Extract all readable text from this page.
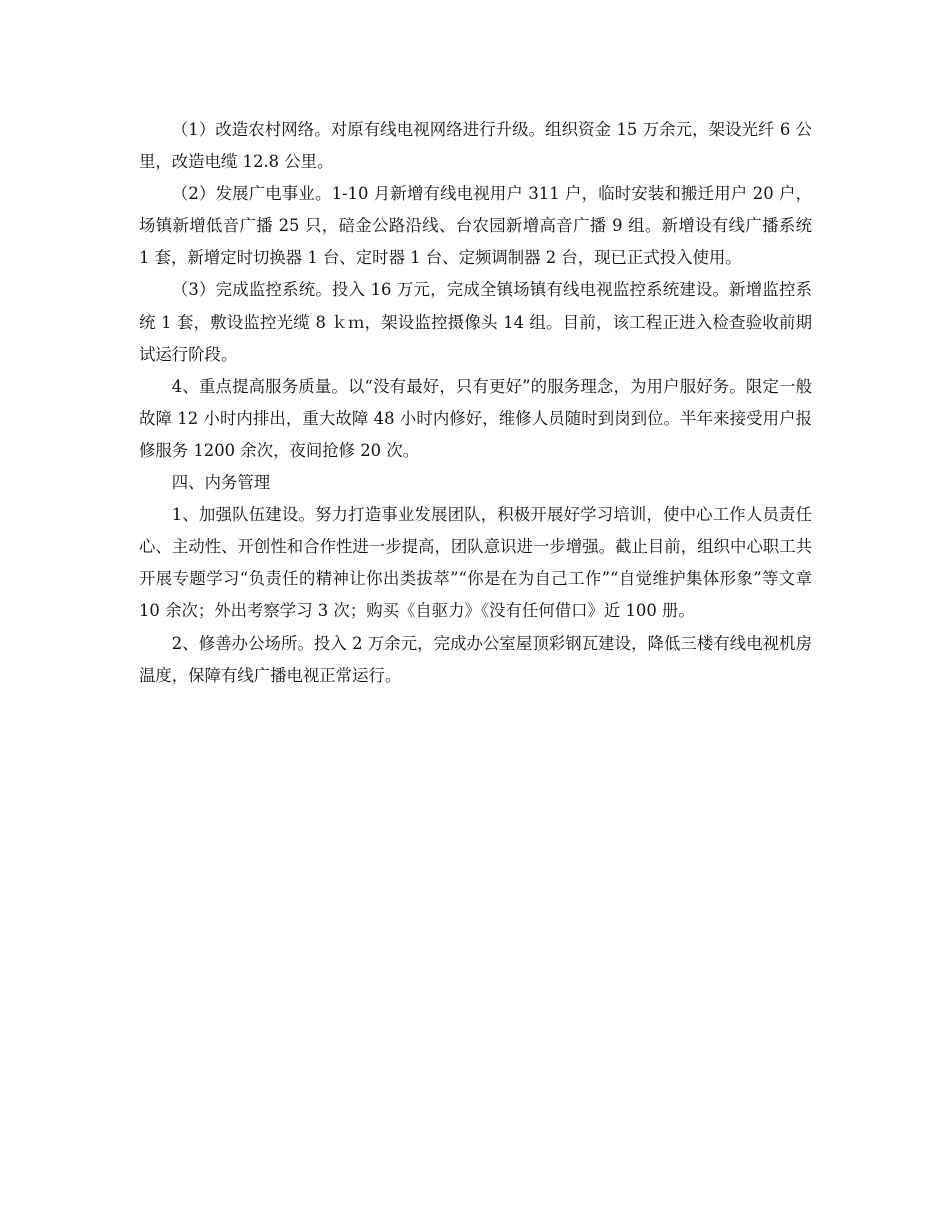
（1）改造农村网络。对原有线电视网络进行升级。组织资金 15 万余元，架设光纤 6 公里，改造电缆 12.8 公里。

（2）发展广电事业。1-10 月新增有线电视用户 311 户，临时安装和搬迁用户 20 户，场镇新增低音广播 25 只，碚金公路沿线、台农园新增高音广播 9 组。新增设有线广播系统 1 套，新增定时切换器 1 台、定时器 1 台、定频调制器 2 台，现已正式投入使用。

（3）完成监控系统。投入 16 万元，完成全镇场镇有线电视监控系统建设。新增监控系统 1 套，敷设监控光缆 8 ｋｍ，架设监控摄像头 14 组。目前，该工程正进入检查验收前期试运行阶段。

4、重点提高服务质量。以“没有最好，只有更好”的服务理念，为用户服好务。限定一般故障 12 小时内排出，重大故障 48 小时内修好，维修人员随时到岗到位。半年来接受用户报修服务 1200 余次，夜间抢修 20 次。

四、内务管理

1、加强队伍建设。努力打造事业发展团队，积极开展好学习培训，使中心工作人员责任心、主动性、开创性和合作性进一步提高，团队意识进一步增强。截止目前，组织中心职工共开展专题学习“负责任的精神让你出类拔萃”“你是在为自己工作”“自觉维护集体形象”等文章 10 余次；外出考察学习 3 次；购买《自驱力》《没有任何借口》近 100 册。

2、修善办公场所。投入 2 万余元，完成办公室屋顶彩钢瓦建设，降低三楼有线电视机房温度，保障有线广播电视正常运行。
